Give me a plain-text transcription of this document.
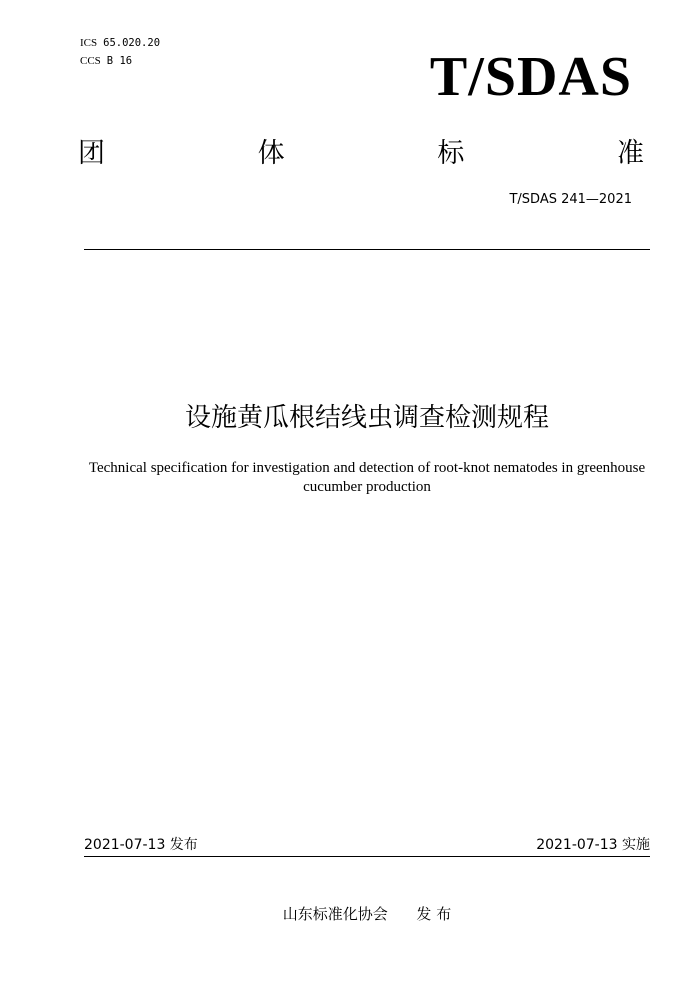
ICS 65.020.20
CCS B 16	T/SDAS
团	体	标	准
T/SDAS 241—2021
设施黄瓜根结线虫调查检测规程
Technical specification for investigation and detection of root-knot nematodes in greenhouse cucumber production
2021-07-13 发布	2021-07-13 实施
山东标准化协会 发 布
